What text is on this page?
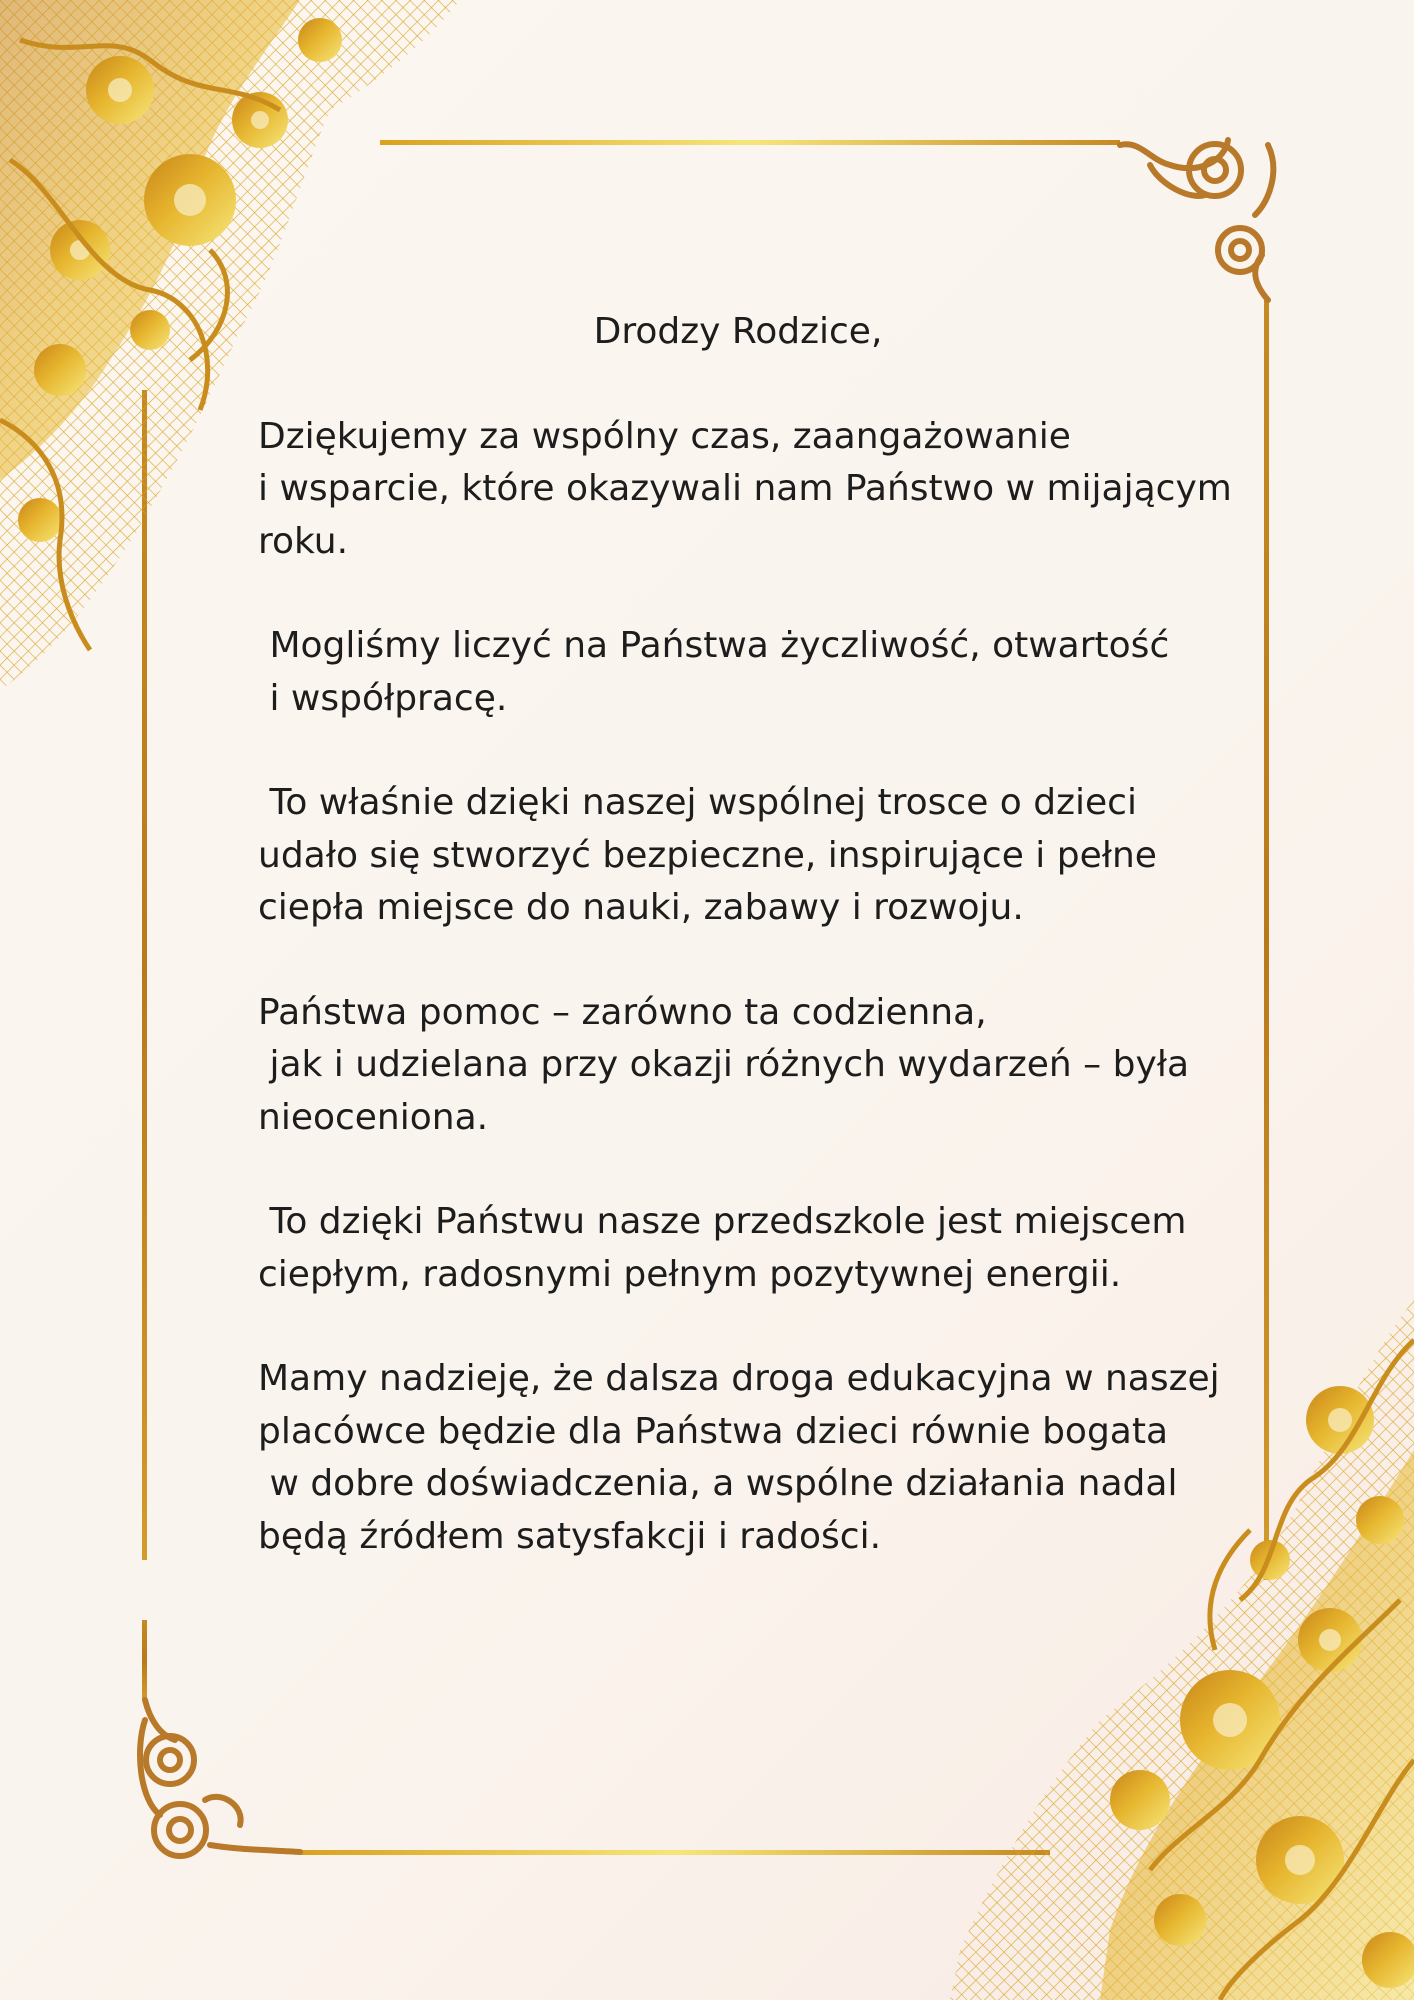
Drodzy Rodzice,
Dziękujemy za wspólny czas, zaangażowanie
i wsparcie, które okazywali nam Państwo w mijającym
roku.
Mogliśmy liczyć na Państwa życzliwość, otwartość
i współpracę.
To właśnie dzięki naszej wspólnej trosce o dzieci
udało się stworzyć bezpieczne, inspirujące i pełne
ciepła miejsce do nauki, zabawy i rozwoju.
Państwa pomoc – zarówno ta codzienna,
jak i udzielana przy okazji różnych wydarzeń – była
nieoceniona.
To dzięki Państwu nasze przedszkole jest miejscem
ciepłym, radosnymi pełnym pozytywnej energii.
Mamy nadzieję, że dalsza droga edukacyjna w naszej
placówce będzie dla Państwa dzieci równie bogata
w dobre doświadczenia, a wspólne działania nadal
będą źródłem satysfakcji i radości.
